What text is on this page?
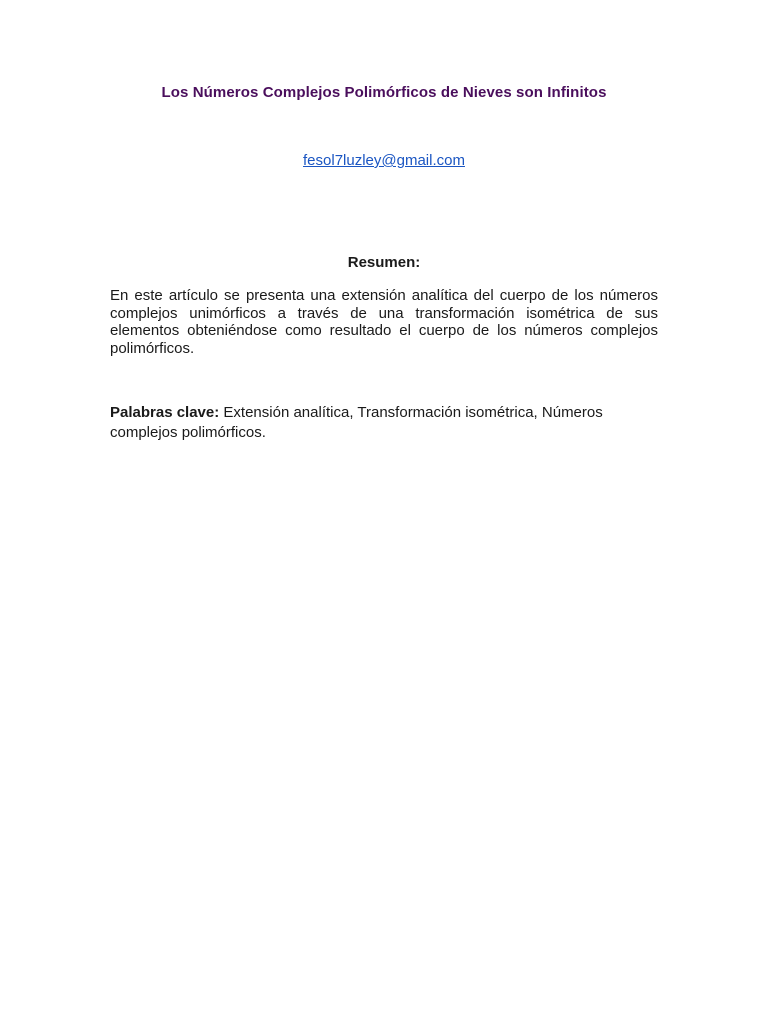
Los Números Complejos Polimórficos de Nieves son Infinitos
fesol7luzley@gmail.com
Resumen:

En este artículo se presenta una extensión analítica del cuerpo de los números complejos unimórficos a través de una transformación isométrica de sus elementos obteniéndose como resultado el cuerpo de los números complejos polimórficos.

Palabras clave: Extensión analítica, Transformación isométrica, Números complejos polimórficos.
